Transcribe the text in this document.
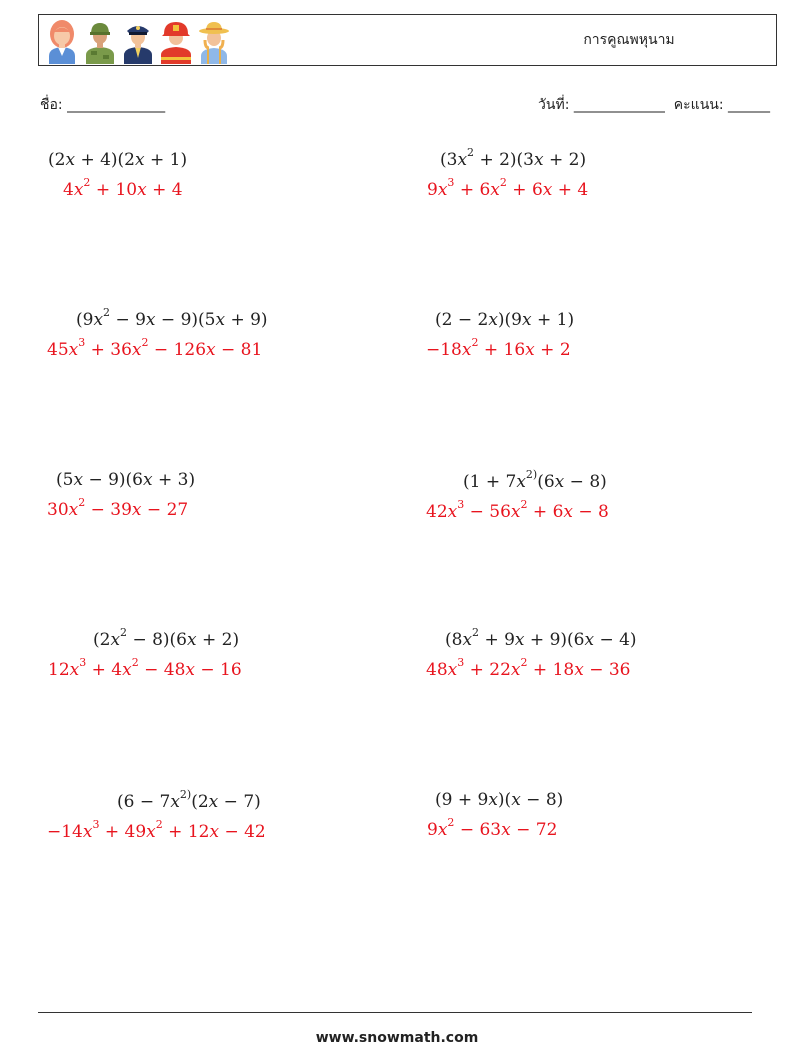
การคูณพหุนาม
ชื่อ: ______________	วันที่: _____________ คะแนน: ______
(2x + 4)(2x + 1)
$4x^2 + 10x + 4$
$(3x^2 + 2)(3x + 2)$
$9x^3 + 6x^2 + 6x + 4$
$(9x^2 - 9x - 9)(5x + 9)$
$45x^3 + 36x^2 - 126x - 81$
(2 − 2x)(9x + 1)
$-18x^2 + 16x + 2$
(5x − 9)(6x + 3)
$30x^2 - 39x - 27$
($1 + 7x^{2)}(6x - 8)$
$42x^3 - 56x^2 + 6x - 8$
$(2x^2 - 8)(6x + 2)$
$12x^3 + 4x^2 - 48x - 16$
$(8x^2 + 9x + 9)(6x - 4)$
$48x^3 + 22x^2 + 18x - 36$
($6 - 7x^{2)}(2x - 7)$
$-14x^3 + 49x^2 + 12x - 42$
(9 + 9x)(x − 8)
$9x^2 - 63x - 72$
www.snowmath.com
